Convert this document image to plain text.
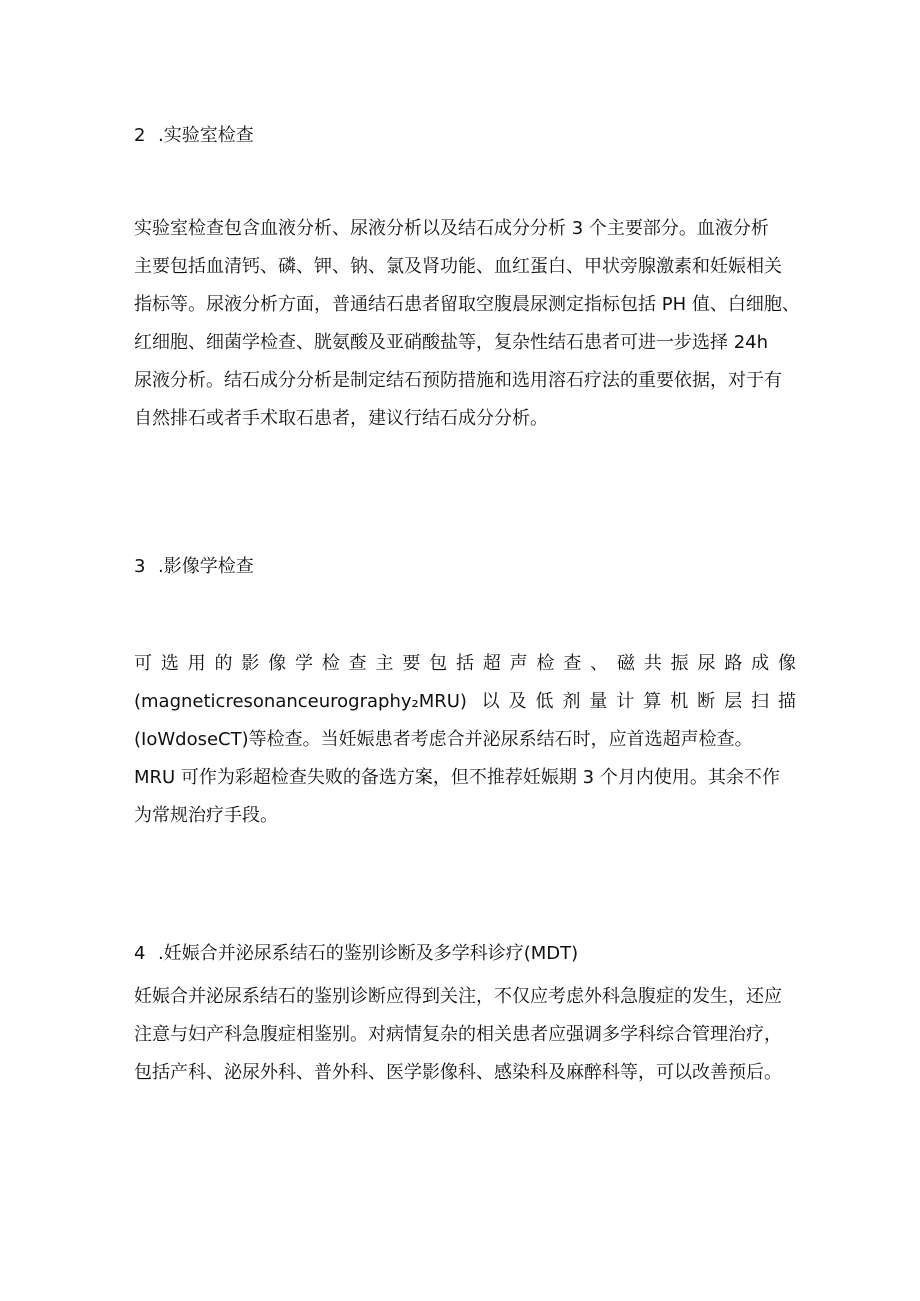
2 .实验室检查
实验室检查包含血液分析、尿液分析以及结石成分分析 3 个主要部分。血液分析
主要包括血清钙、磷、钾、钠、氯及肾功能、血红蛋白、甲状旁腺激素和妊娠相关
指标等。尿液分析方面，普通结石患者留取空腹晨尿测定指标包括 PH 值、白细胞、
红细胞、细菌学检查、胱氨酸及亚硝酸盐等，复杂性结石患者可进一步选择 24h
尿液分析。结石成分分析是制定结石预防措施和选用溶石疗法的重要依据，对于有
自然排石或者手术取石患者，建议行结石成分分析。
3 .影像学检查
可选用的影像学检查主要包括超声检查、磁共振尿路成像
(magneticresonanceurography₂MRU) 以及低剂量计算机断层扫描
(IoWdoseCT)等检查。当妊娠患者考虑合并泌尿系结石时，应首选超声检查。
MRU 可作为彩超检查失败的备选方案，但不推荐妊娠期 3 个月内使用。其余不作
为常规治疗手段。
4 .妊娠合并泌尿系结石的鉴别诊断及多学科诊疗(MDT)
妊娠合并泌尿系结石的鉴别诊断应得到关注，不仅应考虑外科急腹症的发生，还应
注意与妇产科急腹症相鉴别。对病情复杂的相关患者应强调多学科综合管理治疗，
包括产科、泌尿外科、普外科、医学影像科、感染科及麻醉科等，可以改善预后。
